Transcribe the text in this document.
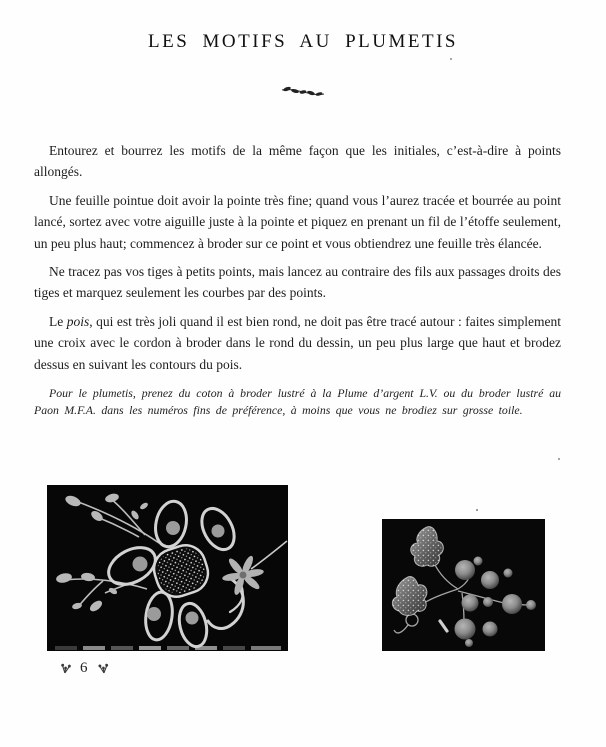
LES MOTIFS AU PLUMETIS

Entourez et bourrez les motifs de la même façon que les initiales, c’est-à-dire à points allongés.

Une feuille pointue doit avoir la pointe très fine; quand vous l’aurez tracée et bourrée au point lancé, sortez avec votre aiguille juste à la pointe et piquez en prenant un fil de l’étoffe seulement, un peu plus haut; commencez à broder sur ce point et vous obtiendrez une feuille très élancée.

Ne tracez pas vos tiges à petits points, mais lancez au contraire des fils aux passages droits des tiges et marquez seulement les courbes par des points.

Le pois, qui est très joli quand il est bien rond, ne doit pas être tracé autour : faites simplement une croix avec le cordon à broder dans le rond du dessin, un peu plus large que haut et brodez dessus en suivant les contours du pois.

Pour le plumetis, prenez du coton à broder lustré à la Plume d’argent L.V. ou du broder lustré au Paon M.F.A. dans les numéros fins de préférence, à moins que vous ne brodiez sur grosse toile.

6
